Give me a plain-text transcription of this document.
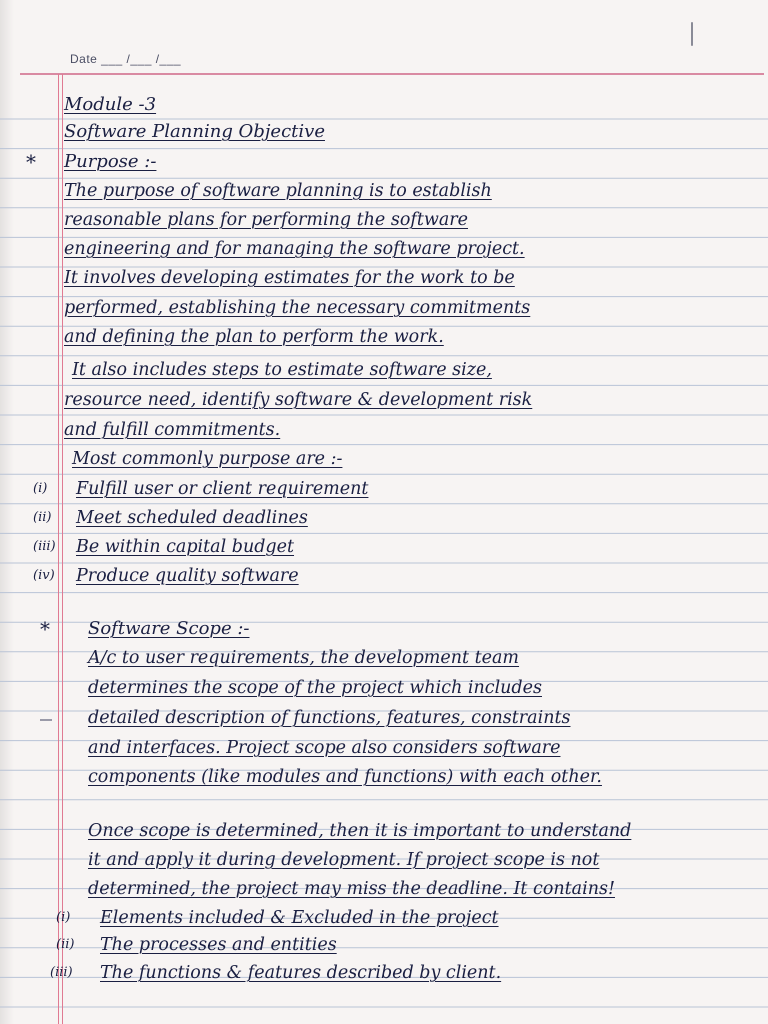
Date ___ /___ /___
Module -3
Software Planning Objective
* Purpose :-
The purpose of software planning is to establish
reasonable plans for performing the software
engineering and for managing the software project.
It involves developing estimates for the work to be
performed, establishing the necessary commitments
and defining the plan to perform the work.
It also includes steps to estimate software size,
resource need, identify software & development risk
and fulfill commitments.
Most commonly purpose are :-
(i) Fulfill user or client requirement
(ii) Meet scheduled deadlines
(iii) Be within capital budget
(iv) Produce quality software
* Software Scope :-
A/c to user requirements, the development team
determines the scope of the project which includes
detailed description of functions, features, constraints
and interfaces. Project scope also considers software
components (like modules and functions) with each other.
Once scope is determined, then it is important to understand
it and apply it during development. If project scope is not
determined, the project may miss the deadline. It contains!
(i) Elements included & Excluded in the project
(ii) The processes and entities
(iii) The functions & features described by client.
